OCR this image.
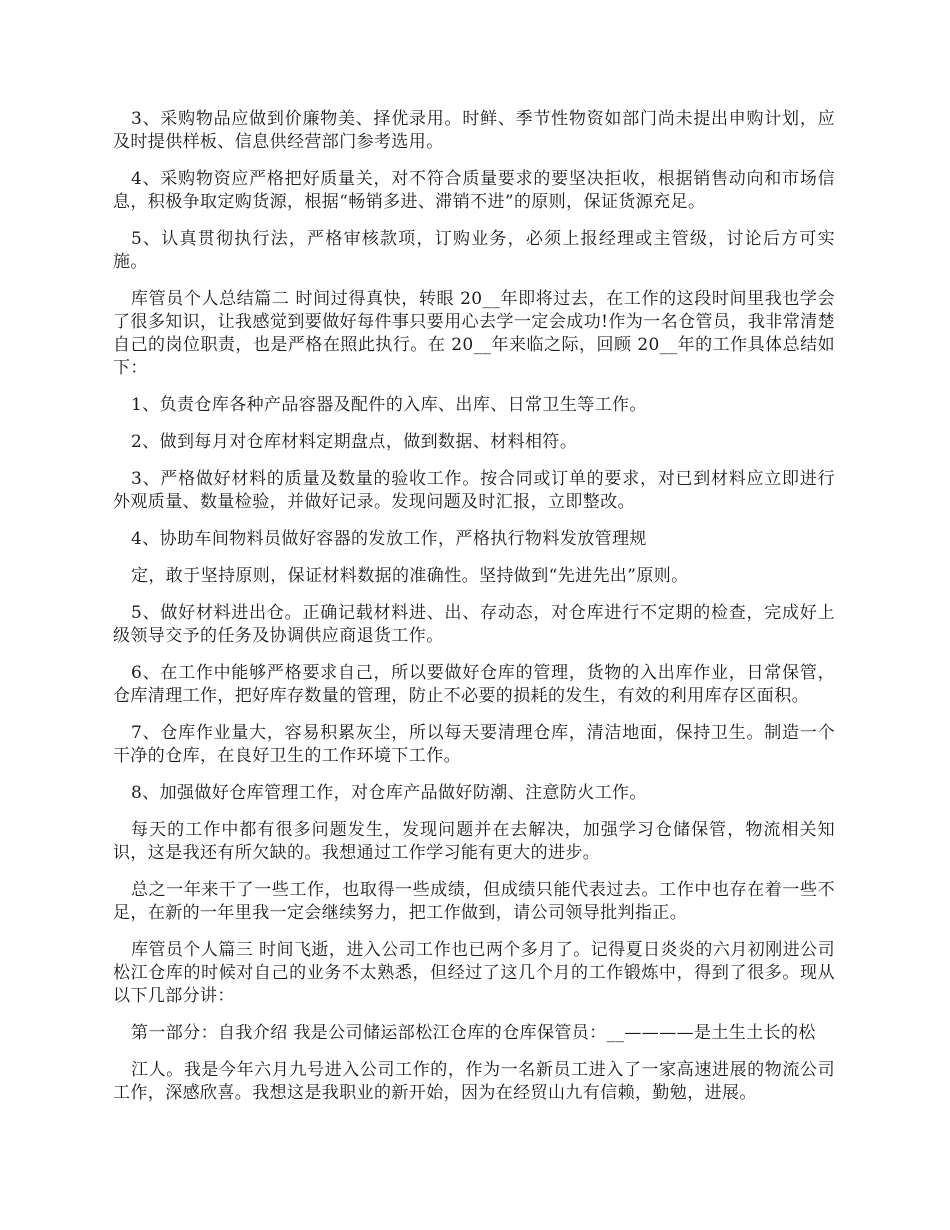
3、采购物品应做到价廉物美、择优录用。时鲜、季节性物资如部门尚未提出申购计划，应及时提供样板、信息供经营部门参考选用。

4、采购物资应严格把好质量关，对不符合质量要求的要坚决拒收，根据销售动向和市场信息，积极争取定购货源，根据“畅销多进、滞销不进”的原则，保证货源充足。

5、认真贯彻执行法，严格审核款项，订购业务，必须上报经理或主管级，讨论后方可实施。

库管员个人总结篇二 时间过得真快，转眼 20__年即将过去，在工作的这段时间里我也学会了很多知识，让我感觉到要做好每件事只要用心去学一定会成功!作为一名仓管员，我非常清楚自己的岗位职责，也是严格在照此执行。在 20__年来临之际，回顾 20__年的工作具体总结如下：

1、负责仓库各种产品容器及配件的入库、出库、日常卫生等工作。

2、做到每月对仓库材料定期盘点，做到数据、材料相符。

3、严格做好材料的质量及数量的验收工作。按合同或订单的要求，对已到材料应立即进行外观质量、数量检验，并做好记录。发现问题及时汇报，立即整改。

4、协助车间物料员做好容器的发放工作，严格执行物料发放管理规

定，敢于坚持原则，保证材料数据的准确性。坚持做到“先进先出”原则。

5、做好材料进出仓。正确记载材料进、出、存动态，对仓库进行不定期的检查，完成好上级领导交予的任务及协调供应商退货工作。

6、在工作中能够严格要求自己，所以要做好仓库的管理，货物的入出库作业，日常保管，仓库清理工作，把好库存数量的管理，防止不必要的损耗的发生，有效的利用库存区面积。

7、仓库作业量大，容易积累灰尘，所以每天要清理仓库，清洁地面，保持卫生。制造一个干净的仓库，在良好卫生的工作环境下工作。

8、加强做好仓库管理工作，对仓库产品做好防潮、注意防火工作。

每天的工作中都有很多问题发生，发现问题并在去解决，加强学习仓储保管，物流相关知识，这是我还有所欠缺的。我想通过工作学习能有更大的进步。

总之一年来干了一些工作，也取得一些成绩，但成绩只能代表过去。工作中也存在着一些不足，在新的一年里我一定会继续努力，把工作做到，请公司领导批判指正。

库管员个人篇三 时间飞逝，进入公司工作也已两个多月了。记得夏日炎炎的六月初刚进公司松江仓库的时候对自己的业务不太熟悉，但经过了这几个月的工作锻炼中，得到了很多。现从以下几部分讲：

第一部分：自我介绍 我是公司储运部松江仓库的仓库保管员：__————是土生土长的松

江人。我是今年六月九号进入公司工作的，作为一名新员工进入了一家高速进展的物流公司工作，深感欣喜。我想这是我职业的新开始，因为在经贸山九有信赖，勤勉，进展。
